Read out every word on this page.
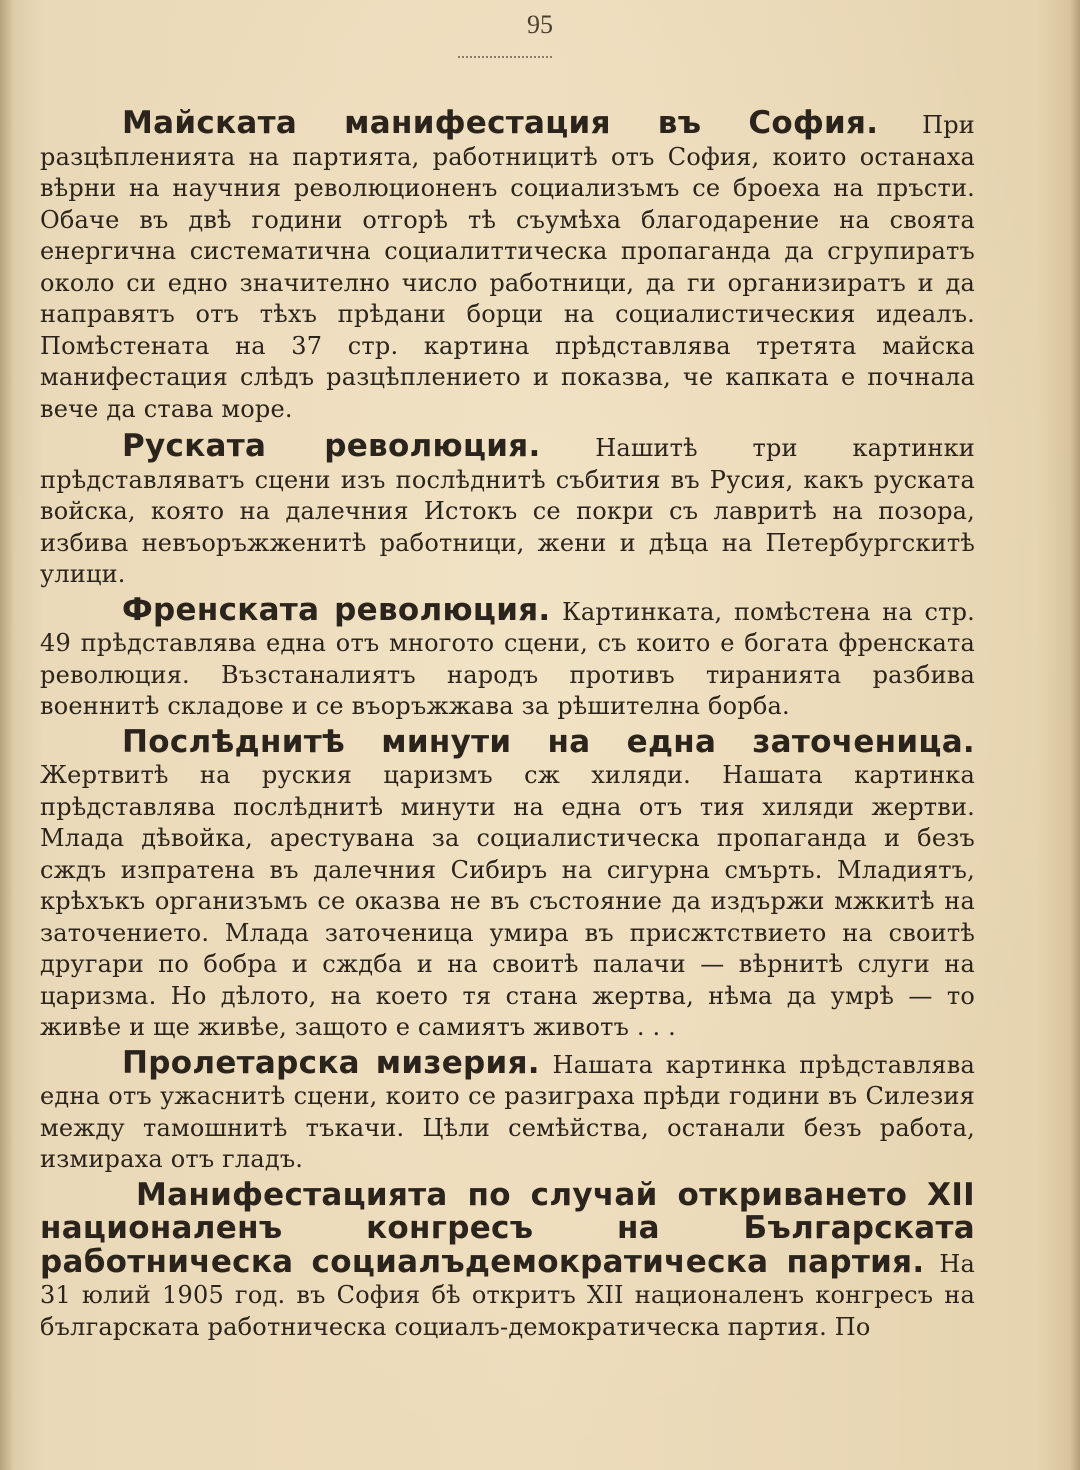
95

Майската манифестация въ София. При разцѣпленията на партията, работницитѣ отъ София, които останаха вѣрни на научния революционенъ социализъмъ се броеха на пръсти. Обаче въ двѣ години отгорѣ тѣ съумѣха благодарение на своята енергична систематична социалиттическа пропаганда да сгрупиратъ около си едно значително число работници, да ги организиратъ и да направятъ отъ тѣхъ прѣдани борци на социалистическия идеалъ. Помѣстената на 37 стр. картина прѣдставлява третята майска манифестация слѣдъ разцѣплението и показва, че капката е почнала вече да става море.

Руската революция. Нашитѣ три картинки прѣдставляватъ сцени изъ послѣднитѣ събития въ Русия, какъ руската войска, която на далечния Истокъ се покри съ лавритѣ на позора, избива невъоръжженитѣ работници, жени и дѣца на Петербургскитѣ улици.

Френската революция. Картинката, помѣстена на стр. 49 прѣдставлява една отъ многото сцени, съ които е богата френската революция. Възстаналиятъ народъ противъ тиранията разбива военнитѣ складове и се въоръжжава за рѣшителна борба.

Послѣднитѣ минути на една заточеница. Жертвитѣ на руския царизмъ сж хиляди. Нашата картинка прѣдставлява послѣднитѣ минути на една отъ тия хиляди жертви. Млада дѣвойка, арестувана за социалистическа пропаганда и безъ сждъ изпратена въ далечния Сибиръ на сигурна смърть. Младиятъ, крѣхъкъ организъмъ се оказва не въ състояние да издържи мжкитѣ на заточението. Млада заточеница умира въ присжтствието на своитѣ другари по бобра и сждба и на своитѣ палачи — вѣрнитѣ слуги на царизма. Но дѣлото, на което тя стана жертва, нѣма да умрѣ — то живѣе и ще живѣе, защото е самиятъ животъ . . .

Пролетарска мизерия. Нашата картинка прѣдставлява една отъ ужаснитѣ сцени, които се разиграха прѣди години въ Силезия между тамошнитѣ тъкачи. Цѣли семѣйства, останали безъ работа, измираха отъ гладъ.

Манифестацията по случай откриването XII националенъ конгресъ на Българската работническа социалъдемократическа партия. На 31 юлий 1905 год. въ София бѣ откритъ XII националенъ конгресъ на българската работническа социалъ-демократическа партия. По
